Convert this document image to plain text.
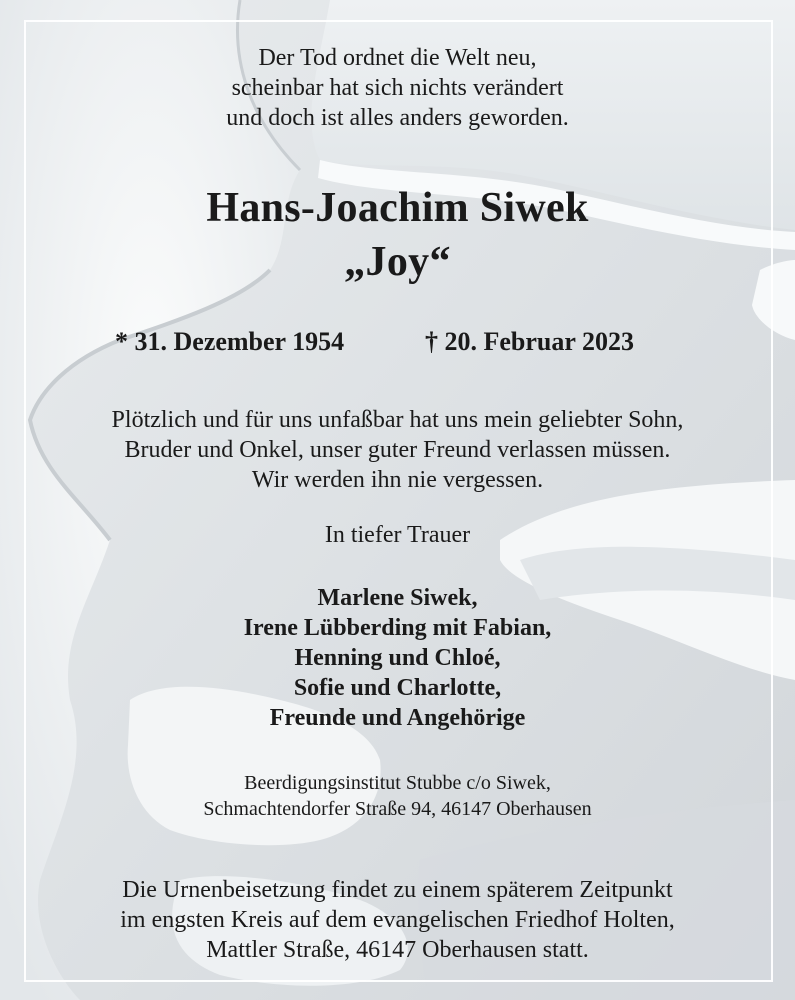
Der Tod ordnet die Welt neu,
scheinbar hat sich nichts verändert
und doch ist alles anders geworden.
Hans-Joachim Siwek
„Joy“
* 31. Dezember 1954	† 20. Februar 2023
Plötzlich und für uns unfaßbar hat uns mein geliebter Sohn,
Bruder und Onkel, unser guter Freund verlassen müssen.
Wir werden ihn nie vergessen.
In tiefer Trauer
Marlene Siwek,
Irene Lübberding mit Fabian,
Henning und Chloé,
Sofie und Charlotte,
Freunde und Angehörige
Beerdigungsinstitut Stubbe c/o Siwek,
Schmachtendorfer Straße 94, 46147 Oberhausen
Die Urnenbeisetzung findet zu einem späterem Zeitpunkt
im engsten Kreis auf dem evangelischen Friedhof Holten,
Mattler Straße, 46147 Oberhausen statt.
